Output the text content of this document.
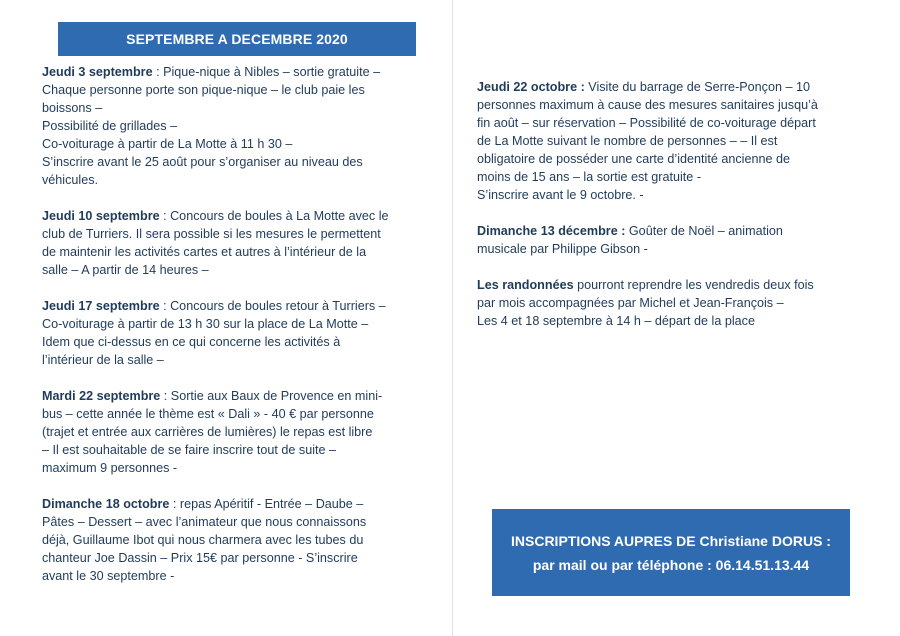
SEPTEMBRE A DECEMBRE 2020
Jeudi 3 septembre : Pique-nique à Nibles – sortie gratuite –
Chaque personne porte son pique-nique – le club paie les
boissons –
Possibilité de grillades –
Co-voiturage à partir de La Motte à 11 h 30 –
S’inscrire avant le 25 août pour s’organiser au niveau des
véhicules.
Jeudi 10 septembre : Concours de boules à La Motte avec le
club de Turriers. Il sera possible si les mesures le permettent
de maintenir les activités cartes et autres à l’intérieur de la
salle – A partir de 14 heures –
Jeudi 17 septembre : Concours de boules retour à Turriers –
Co-voiturage à partir de 13 h 30 sur la place de La Motte –
Idem que ci-dessus en ce qui concerne les activités à
l’intérieur de la salle –
Mardi 22 septembre : Sortie aux Baux de Provence en mini-
bus – cette année le thème est « Dali » - 40 € par personne
(trajet et entrée aux carrières de lumières) le repas est libre
– Il est souhaitable de se faire inscrire tout de suite –
maximum 9 personnes -
Dimanche 18 octobre : repas Apéritif - Entrée – Daube –
Pâtes – Dessert – avec l’animateur que nous connaissons
déjà, Guillaume Ibot qui nous charmera avec les tubes du
chanteur Joe Dassin – Prix 15€ par personne - S’inscrire
avant le 30 septembre -
Jeudi 22 octobre : Visite du barrage de Serre-Ponçon – 10
personnes maximum à cause des mesures sanitaires jusqu’à
fin août – sur réservation – Possibilité de co-voiturage départ
de La Motte suivant le nombre de personnes – – Il est
obligatoire de posséder une carte d’identité ancienne de
moins de 15 ans – la sortie est gratuite -
S’inscrire avant le 9 octobre. -
Dimanche 13 décembre : Goûter de Noël – animation
musicale par Philippe Gibson -
Les randonnées pourront reprendre les vendredis deux fois
par mois accompagnées par Michel et Jean-François –
Les 4 et 18 septembre à 14 h – départ de la place
INSCRIPTIONS AUPRES DE Christiane DORUS :
par mail ou par téléphone : 06.14.51.13.44
